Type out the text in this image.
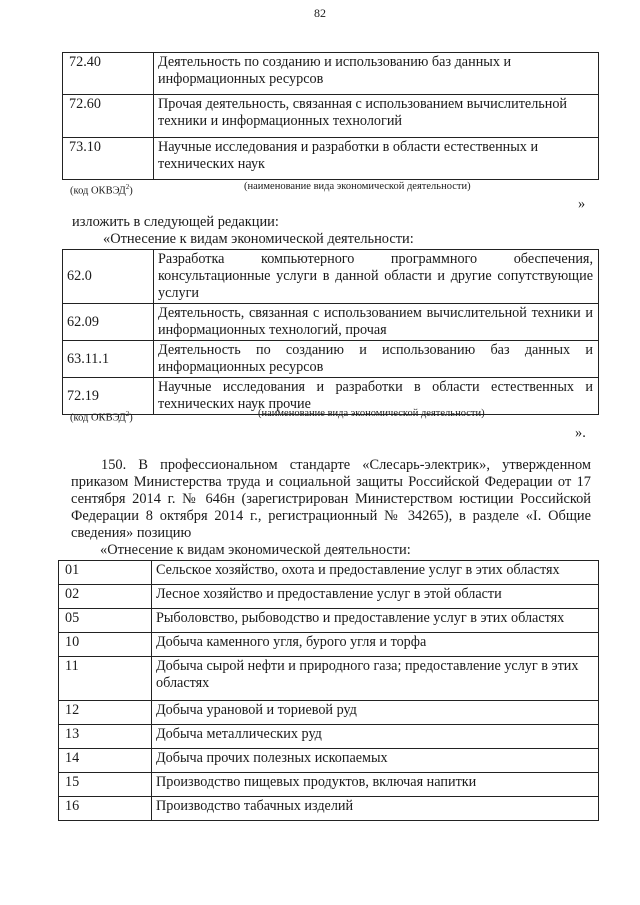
82
72.40	Деятельность по созданию и использованию баз данных и информационных ресурсов
72.60	Прочая деятельность, связанная с использованием вычислительной техники и информационных технологий
73.10	Научные исследования и разработки в области естественных и технических наук
(код ОКВЭД$^2$)	(наименование вида экономической деятельности)
»
изложить в следующей редакции:
«Отнесение к видам экономической деятельности:
62.0	Разработка компьютерного программного обеспечения, консультационные услуги в данной области и другие сопутствующие услуги
62.09	Деятельность, связанная с использованием вычислительной техники и информационных технологий, прочая
63.11.1	Деятельность по созданию и использованию баз данных и информационных ресурсов
72.19	Научные исследования и разработки в области естественных и технических наук прочие
(код ОКВЭД$^2$)	(наименование вида экономической деятельности)
».
150. В профессиональном стандарте «Слесарь-электрик», утвержденном приказом Министерства труда и социальной защиты Российской Федерации от 17 сентября 2014 г. № 646н (зарегистрирован Министерством юстиции Российской Федерации 8 октября 2014 г., регистрационный № 34265), в разделе «I. Общие сведения» позицию
«Отнесение к видам экономической деятельности:
01	Сельское хозяйство, охота и предоставление услуг в этих областях
02	Лесное хозяйство и предоставление услуг в этой области
05	Рыболовство, рыбоводство и предоставление услуг в этих областях
10	Добыча каменного угля, бурого угля и торфа
11	Добыча сырой нефти и природного газа; предоставление услуг в этих областях
12	Добыча урановой и ториевой руд
13	Добыча металлических руд
14	Добыча прочих полезных ископаемых
15	Производство пищевых продуктов, включая напитки
16	Производство табачных изделий
